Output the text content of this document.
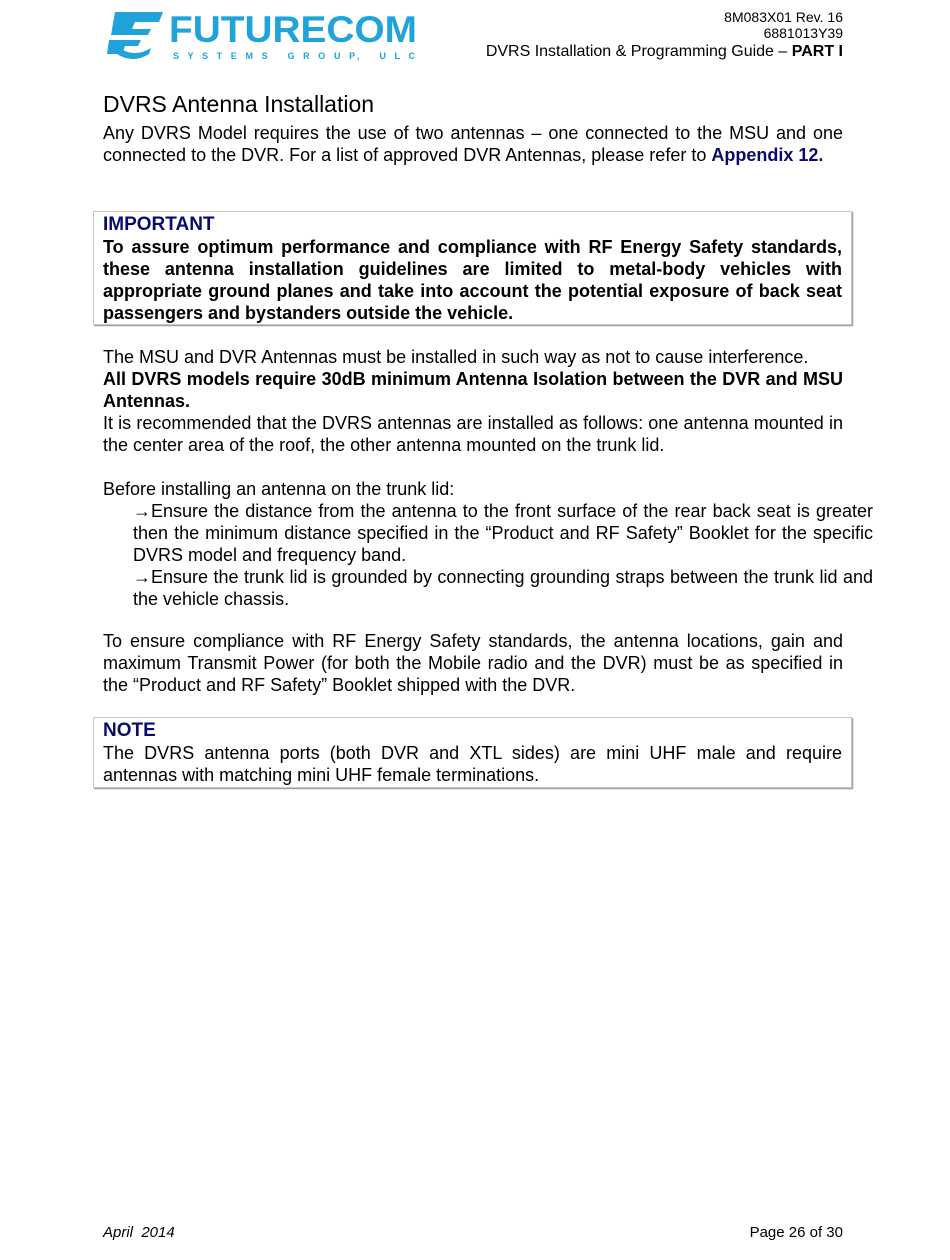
FUTURECOM
S Y S T E M S   G R O U P,   U L C
8M083X01 Rev. 16
6881013Y39
DVRS Installation & Programming Guide – PART I
DVRS Antenna Installation
Any DVRS Model requires the use of two antennas – one connected to the MSU and one connected to the DVR. For a list of approved DVR Antennas, please refer to Appendix 12.
IMPORTANT
To assure optimum performance and compliance with RF Energy Safety standards, these antenna installation guidelines are limited to metal-body vehicles with appropriate ground planes and take into account the potential exposure of back seat passengers and bystanders outside the vehicle.
The MSU and DVR Antennas must be installed in such way as not to cause interference.
All DVRS models require 30dB minimum Antenna Isolation between the DVR and MSU Antennas.
It is recommended that the DVRS antennas are installed as follows: one antenna mounted in the center area of the roof, the other antenna mounted on the trunk lid.
Before installing an antenna on the trunk lid:
→Ensure the distance from the antenna to the front surface of the rear back seat is greater then the minimum distance specified in the “Product and RF Safety” Booklet for the specific DVRS model and frequency band.
→Ensure the trunk lid is grounded by connecting grounding straps between the trunk lid and the vehicle chassis.
To ensure compliance with RF Energy Safety standards, the antenna locations, gain and maximum Transmit Power (for both the Mobile radio and the DVR) must be as specified in the “Product and RF Safety” Booklet shipped with the DVR.
NOTE
The DVRS antenna ports (both DVR and XTL sides) are mini UHF male and require antennas with matching mini UHF female terminations.
April  2014	Page 26 of 30
